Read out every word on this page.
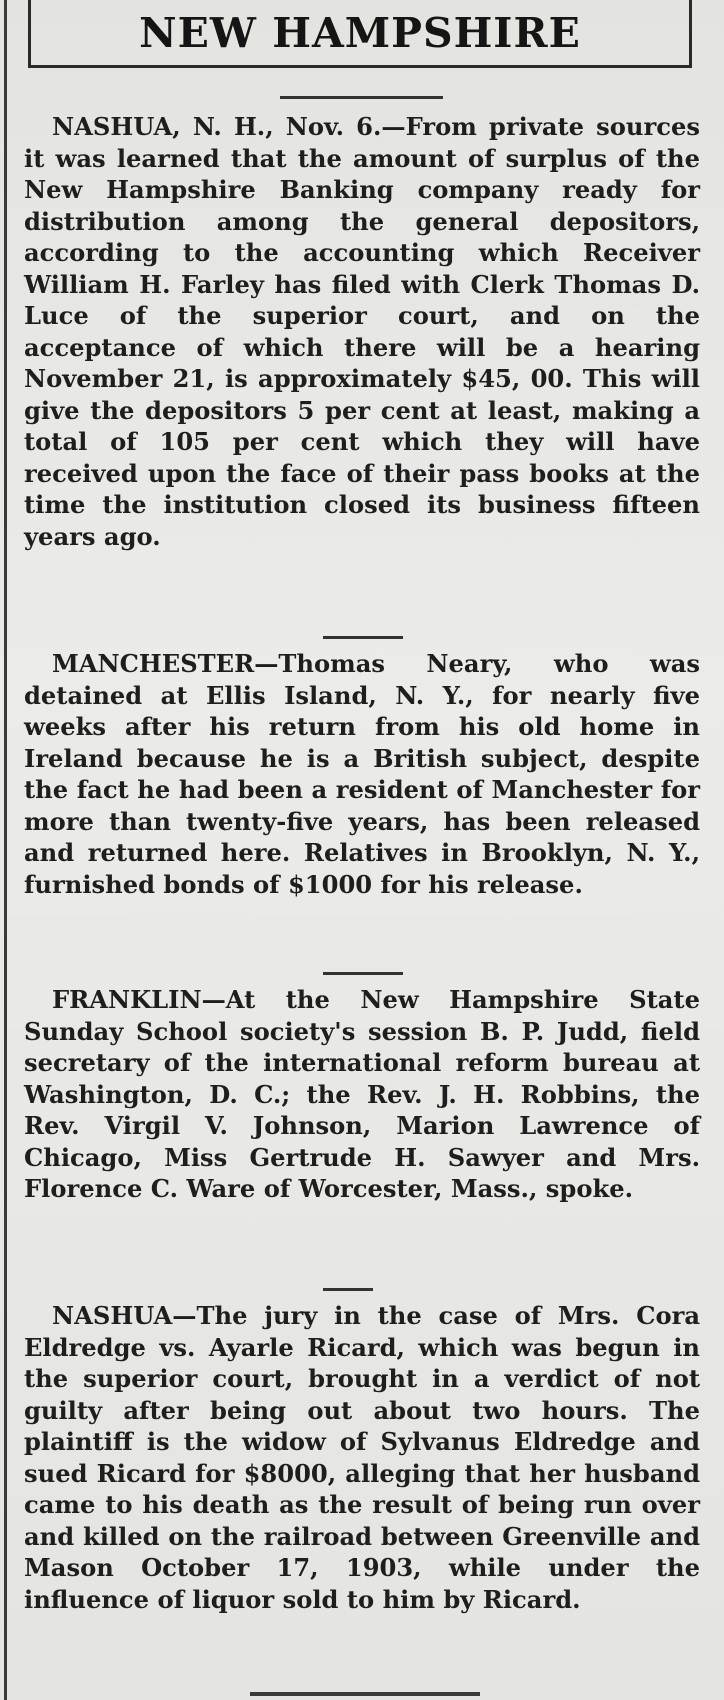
NEW HAMPSHIRE

NASHUA, N. H., Nov. 6.—From private sources it was learned that the amount of surplus of the New Hampshire Banking company ready for distribution among the general depositors, according to the accounting which Receiver William H. Farley has filed with Clerk Thomas D. Luce of the superior court, and on the acceptance of which there will be a hearing November 21, is approximately $45, 00. This will give the depositors 5 per cent at least, making a total of 105 per cent which they will have received upon the face of their pass books at the time the institution closed its business fifteen years ago.

MANCHESTER—Thomas Neary, who was detained at Ellis Island, N. Y., for nearly five weeks after his return from his old home in Ireland because he is a British subject, despite the fact he had been a resident of Manchester for more than twenty-five years, has been released and returned here. Relatives in Brooklyn, N. Y., furnished bonds of $1000 for his release.

FRANKLIN—At the New Hampshire State Sunday School society's session B. P. Judd, field secretary of the international reform bureau at Washington, D. C.; the Rev. J. H. Robbins, the Rev. Virgil V. Johnson, Marion Lawrence of Chicago, Miss Gertrude H. Sawyer and Mrs. Florence C. Ware of Worcester, Mass., spoke.

NASHUA—The jury in the case of Mrs. Cora Eldredge vs. Ayarle Ricard, which was begun in the superior court, brought in a verdict of not guilty after being out about two hours. The plaintiff is the widow of Sylvanus Eldredge and sued Ricard for $8000, alleging that her husband came to his death as the result of being run over and killed on the railroad between Greenville and Mason October 17, 1903, while under the influence of liquor sold to him by Ricard.
